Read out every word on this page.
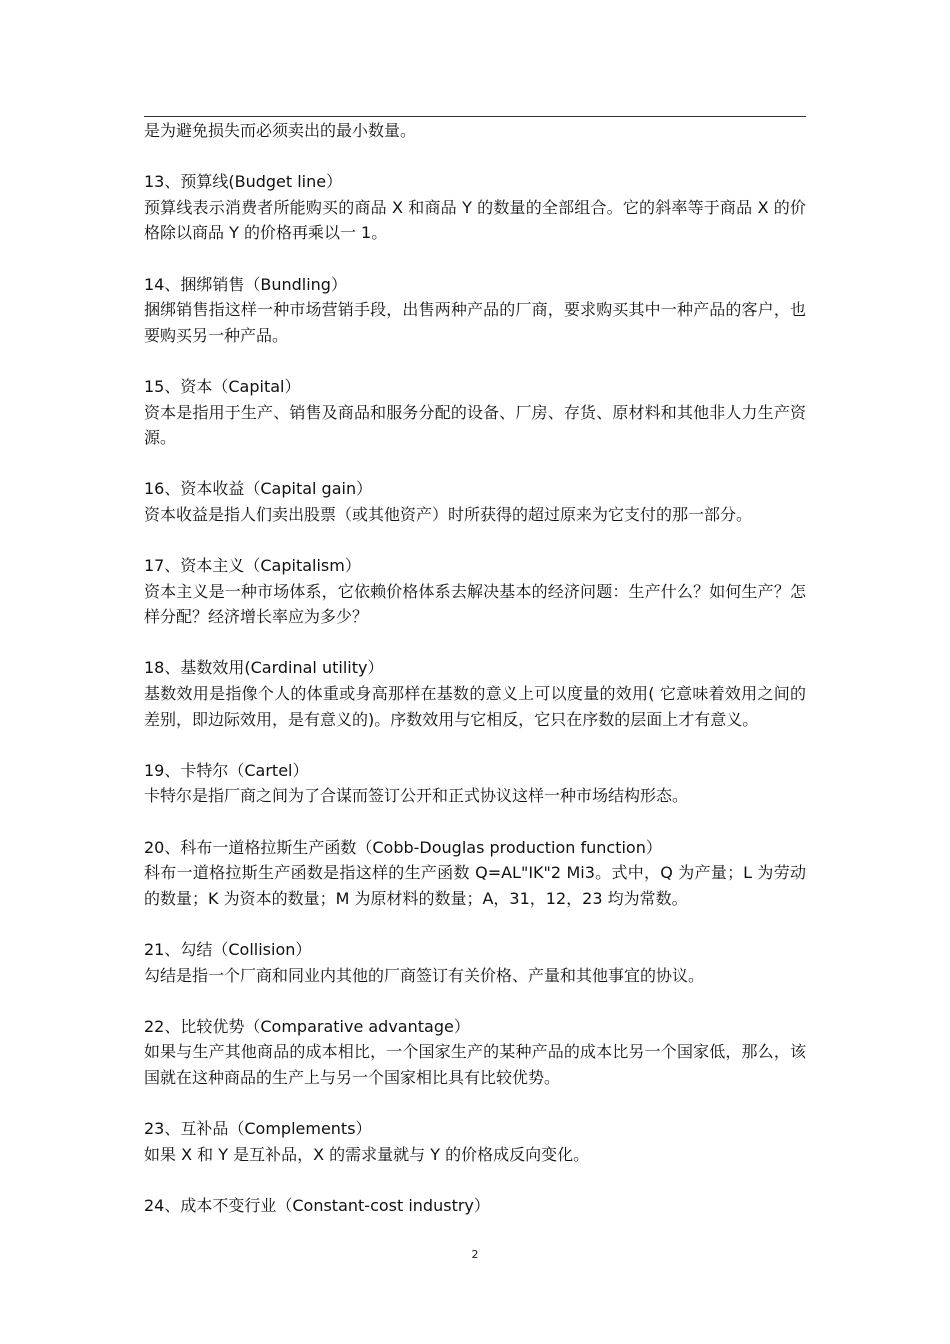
是为避免损失而必须卖出的最小数量。

13、预算线(Budget line）

预算线表示消费者所能购买的商品 X 和商品 Y 的数量的全部组合。它的斜率等于商品 X 的价格除以商品 Y 的价格再乘以一 1。

14、捆绑销售（Bundling）

捆绑销售指这样一种市场营销手段，出售两种产品的厂商，要求购买其中一种产品的客户，也要购买另一种产品。

15、资本（Capital）

资本是指用于生产、销售及商品和服务分配的设备、厂房、存货、原材料和其他非人力生产资源。

16、资本收益（Capital gain）

资本收益是指人们卖出股票（或其他资产）时所获得的超过原来为它支付的那一部分。

17、资本主义（Capitalism）

资本主义是一种市场体系，它依赖价格体系去解决基本的经济问题：生产什么？如何生产？怎样分配？经济增长率应为多少？

18、基数效用(Cardinal utility）

基数效用是指像个人的体重或身高那样在基数的意义上可以度量的效用( 它意味着效用之间的差别，即边际效用，是有意义的)。序数效用与它相反，它只在序数的层面上才有意义。

19、卡特尔（Cartel）

卡特尔是指厂商之间为了合谋而签订公开和正式协议这样一种市场结构形态。

20、科布一道格拉斯生产函数（Cobb-Douglas production function）

科布一道格拉斯生产函数是指这样的生产函数 Q=AL"IK"2 Mi3。式中，Q 为产量；L 为劳动的数量；K 为资本的数量；M 为原材料的数量；A，31，12，23 均为常数。

21、勾结（Collision）

勾结是指一个厂商和同业内其他的厂商签订有关价格、产量和其他事宜的协议。

22、比较优势（Comparative advantage）

如果与生产其他商品的成本相比，一个国家生产的某种产品的成本比另一个国家低，那么，该国就在这种商品的生产上与另一个国家相比具有比较优势。

23、互补品（Complements）

如果 X 和 Y 是互补品，X 的需求量就与 Y 的价格成反向变化。

24、成本不变行业（Constant-cost industry）

2
